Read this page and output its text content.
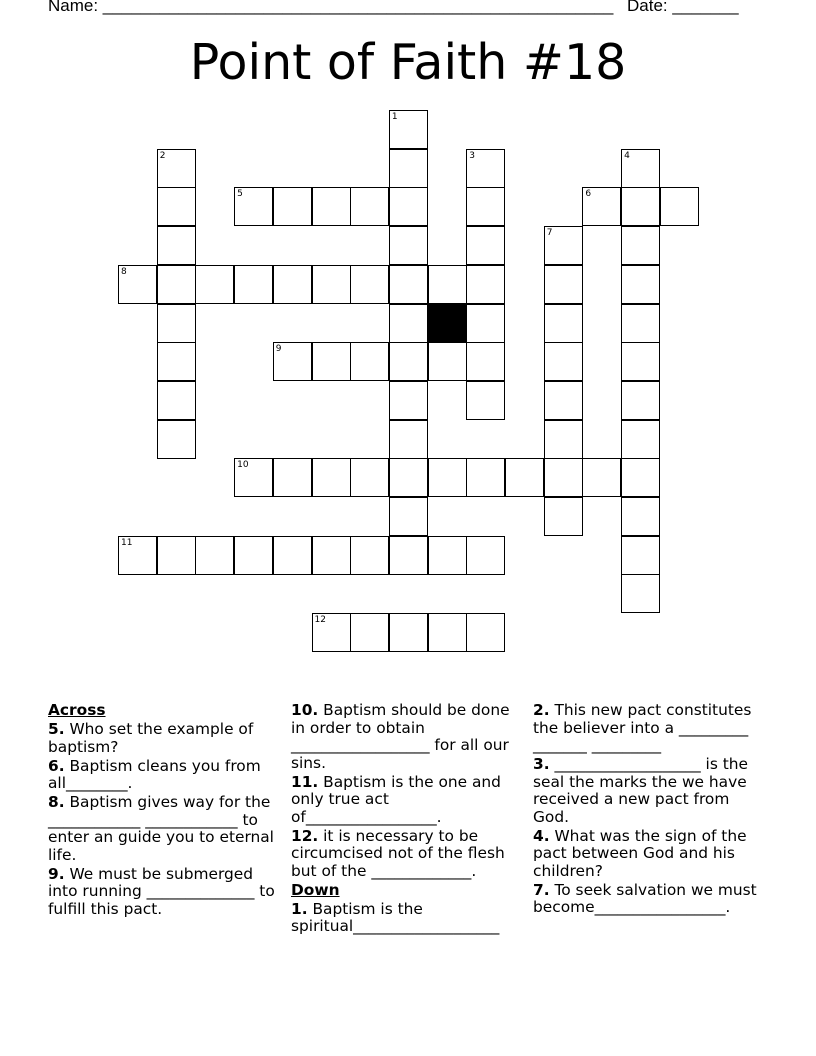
Name: ______________________________________________________ Date: _______
Point of Faith #18
1
2	3	4
5	6
7
8
9
10
11
12
Across
5. Who set the example of baptism?
6. Baptism cleans you from all________.
8. Baptism gives way for the ____________ ____________ to enter an guide you to eternal life.
9. We must be submerged into running ______________ to fulfill this pact.
10. Baptism should be done in order to obtain __________________ for all our sins.
11. Baptism is the one and only true act of_________________.
12. it is necessary to be circumcised not of the flesh but of the _____________.
Down
1. Baptism is the spiritual___________________
2. This new pact constitutes the believer into a _________ _______ _________
3. ___________________ is the seal the marks the we have received a new pact from God.
4. What was the sign of the pact between God and his children?
7. To seek salvation we must become_________________.
